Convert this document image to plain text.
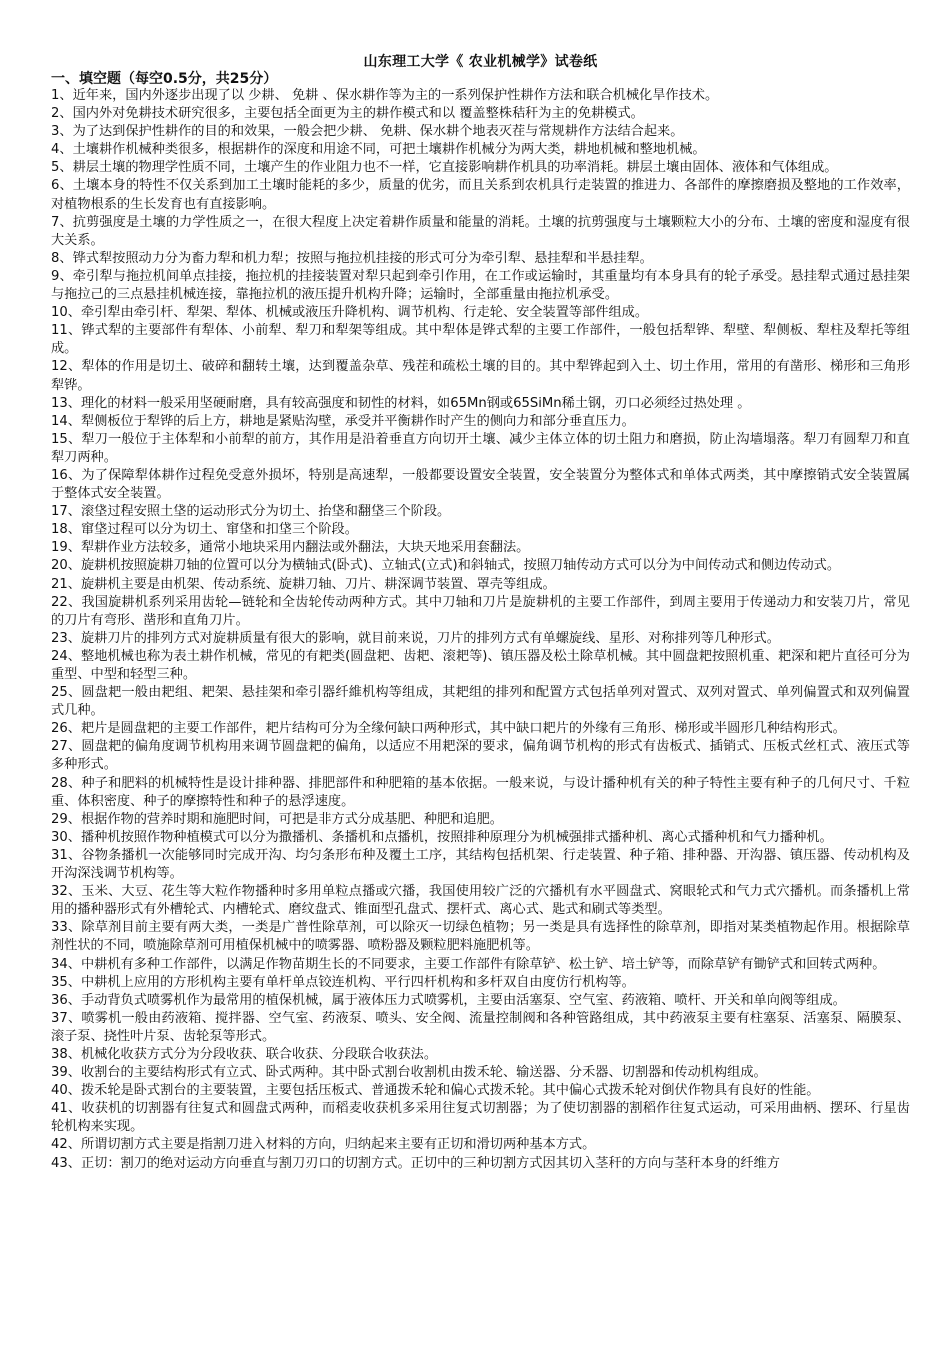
山东理工大学《 农业机械学》试卷纸
一、填空题（每空0.5分，共25分）

1、近年来，国内外逐步出现了以 少耕、 免耕 、保水耕作等为主的一系列保护性耕作方法和联合机械化旱作技术。

2、国内外对免耕技术研究很多，主要包括全面更为主的耕作模式和以 覆盖整株秸秆为主的免耕模式。

3、为了达到保护性耕作的目的和效果，一般会把少耕、 免耕、保水耕个地表灭茬与常规耕作方法结合起来。

4、土壤耕作机械种类很多，根据耕作的深度和用途不同，可把土壤耕作机械分为两大类，耕地机械和整地机械。

5、耕层土壤的物理学性质不同，土壤产生的作业阻力也不一样，它直接影响耕作机具的功率消耗。耕层土壤由固体、液体和气体组成。

6、土壤本身的特性不仅关系到加工土壤时能耗的多少，质量的优劣，而且关系到农机具行走装置的推进力、各部件的摩擦磨损及整地的工作效率，对植物根系的生长发育也有直接影响。

7、抗剪强度是土壤的力学性质之一，在很大程度上决定着耕作质量和能量的消耗。土壤的抗剪强度与土壤颗粒大小的分布、土壤的密度和湿度有很大关系。

8、铧式犁按照动力分为畜力犁和机力犁；按照与拖拉机挂接的形式可分为牵引犁、悬挂犁和半悬挂犁。

9、牵引犁与拖拉机间单点挂接，拖拉机的挂接装置对犁只起到牵引作用，在工作或运输时，其重量均有本身具有的轮子承受。悬挂犁式通过悬挂架与拖拉己的三点悬挂机械连接，靠拖拉机的液压提升机构升降；运输时，全部重量由拖拉机承受。

10、牵引犁由牵引杆、犁架、犁体、机械或液压升降机构、调节机构、行走轮、安全装置等部件组成。

11、铧式犁的主要部件有犁体、小前犁、犁刀和犁架等组成。其中犁体是铧式犁的主要工作部件，一般包括犁铧、犁壁、犁侧板、犁柱及犁托等组成。

12、犁体的作用是切土、破碎和翻转土壤，达到覆盖杂草、残茬和疏松土壤的目的。其中犁铧起到入土、切土作用，常用的有凿形、梯形和三角形犁铧。

13、理化的材料一般采用坚硬耐磨，具有较高强度和韧性的材料，如65Mn钢或65SiMn稀土钢，刃口必须经过热处理 。

14、犁侧板位于犁铧的后上方，耕地是紧贴沟壁，承受并平衡耕作时产生的侧向力和部分垂直压力。

15、犁刀一般位于主体犁和小前犁的前方，其作用是沿着垂直方向切开土壤、减少主体立体的切土阻力和磨损，防止沟墙塌落。犁刀有圆犁刀和直犁刀两种。

16、为了保障犁体耕作过程免受意外损坏，特别是高速犁，一般都要设置安全装置，安全装置分为整体式和单体式两类，其中摩擦销式安全装置属于整体式安全装置。

17、滚垡过程安照土垡的运动形式分为切土、抬垡和翻垡三个阶段。

18、窜垡过程可以分为切土、窜垡和扣垡三个阶段。

19、犁耕作业方法较多，通常小地块采用内翻法或外翻法，大块天地采用套翻法。

20、旋耕机按照旋耕刀轴的位置可以分为横轴式(卧式)、立轴式(立式)和斜轴式，按照刀轴传动方式可以分为中间传动式和侧边传动式。

21、旋耕机主要是由机架、传动系统、旋耕刀轴、刀片、耕深调节装置、罩壳等组成。

22、我国旋耕机系列采用齿轮—链轮和全齿轮传动两种方式。其中刀轴和刀片是旋耕机的主要工作部件，到周主要用于传递动力和安装刀片，常见的刀片有弯形、凿形和直角刀片。

23、旋耕刀片的排列方式对旋耕质量有很大的影响，就目前来说，刀片的排列方式有单螺旋线、星形、对称排列等几种形式。

24、整地机械也称为表土耕作机械，常见的有耙类(圆盘耙、齿耙、滚耙等)、镇压器及松土除草机械。其中圆盘耙按照机重、耙深和耙片直径可分为重型、中型和轻型三种。

25、圆盘耙一般由耙组、耙架、悬挂架和牵引器纤維机构等组成，其耙组的排列和配置方式包括单列对置式、双列对置式、单列偏置式和双列偏置式几种。

26、耙片是圆盘耙的主要工作部件，耙片结构可分为全缘何缺口两种形式，其中缺口耙片的外缘有三角形、梯形或半圆形几种结构形式。

27、圆盘耙的偏角度调节机构用来调节圆盘耙的偏角，以适应不用耙深的要求，偏角调节机构的形式有齿板式、插销式、压板式丝杠式、液压式等多种形式。

28、种子和肥料的机械特性是设计排种器、排肥部件和种肥箱的基本依据。一般来说，与设计播种机有关的种子特性主要有种子的几何尺寸、千粒重、体积密度、种子的摩擦特性和种子的悬浮速度。

29、根据作物的营养时期和施肥时间，可把是非方式分成基肥、种肥和追肥。

30、播种机按照作物种植模式可以分为撒播机、条播机和点播机，按照排种原理分为机械强排式播种机、离心式播种机和气力播种机。

31、谷物条播机一次能够同时完成开沟、均匀条形布种及覆土工序，其结构包括机架、行走装置、种子箱、排种器、开沟器、镇压器、传动机构及开沟深浅调节机构等。

32、玉米、大豆、花生等大粒作物播种时多用单粒点播或穴播，我国使用较广泛的穴播机有水平圆盘式、窝眼轮式和气力式穴播机。而条播机上常用的播种器形式有外槽轮式、内槽轮式、磨纹盘式、锥面型孔盘式、摆杆式、离心式、匙式和刷式等类型。

33、除草剂目前主要有两大类，一类是广普性除草剂，可以除灭一切绿色植物；另一类是具有选择性的除草剂，即指对某类植物起作用。根据除草剂性状的不同，喷施除草剂可用植保机械中的喷雾器、喷粉器及颗粒肥料施肥机等。

34、中耕机有多种工作部件，以满足作物苗期生长的不同要求，主要工作部件有除草铲、松土铲、培土铲等，而除草铲有锄铲式和回转式两种。

35、中耕机上应用的方形机构主要有单杆单点铰连机构、平行四杆机构和多杆双自由度仿行机构等。

36、手动背负式喷雾机作为最常用的植保机械，属于液体压力式喷雾机，主要由活塞泵、空气室、药液箱、喷杆、开关和单向阀等组成。

37、喷雾机一般由药液箱、搅拌器、空气室、药液泵、喷头、安全阀、流量控制阀和各种管路组成，其中药液泵主要有柱塞泵、活塞泵、隔膜泵、滚子泵、挠性叶片泵、齿轮泵等形式。

38、机械化收获方式分为分段收获、联合收获、分段联合收获法。

39、收割台的主要结构形式有立式、卧式两种。其中卧式割台收割机由拨禾轮、输送器、分禾器、切割器和传动机构组成。

40、拨禾轮是卧式割台的主要装置，主要包括压板式、普通拨禾轮和偏心式拨禾轮。其中偏心式拨禾轮对倒伏作物具有良好的性能。

41、收获机的切割器有往复式和圆盘式两种，而稻麦收获机多采用往复式切割器；为了使切割器的割稻作往复式运动，可采用曲柄、摆环、行星齿轮机构来实现。

42、所谓切割方式主要是指割刀进入材料的方向，归纳起来主要有正切和滑切两种基本方式。

43、正切：割刀的绝对运动方向垂直与割刀刃口的切割方式。正切中的三种切割方式因其切入茎秆的方向与茎秆本身的纤维方
